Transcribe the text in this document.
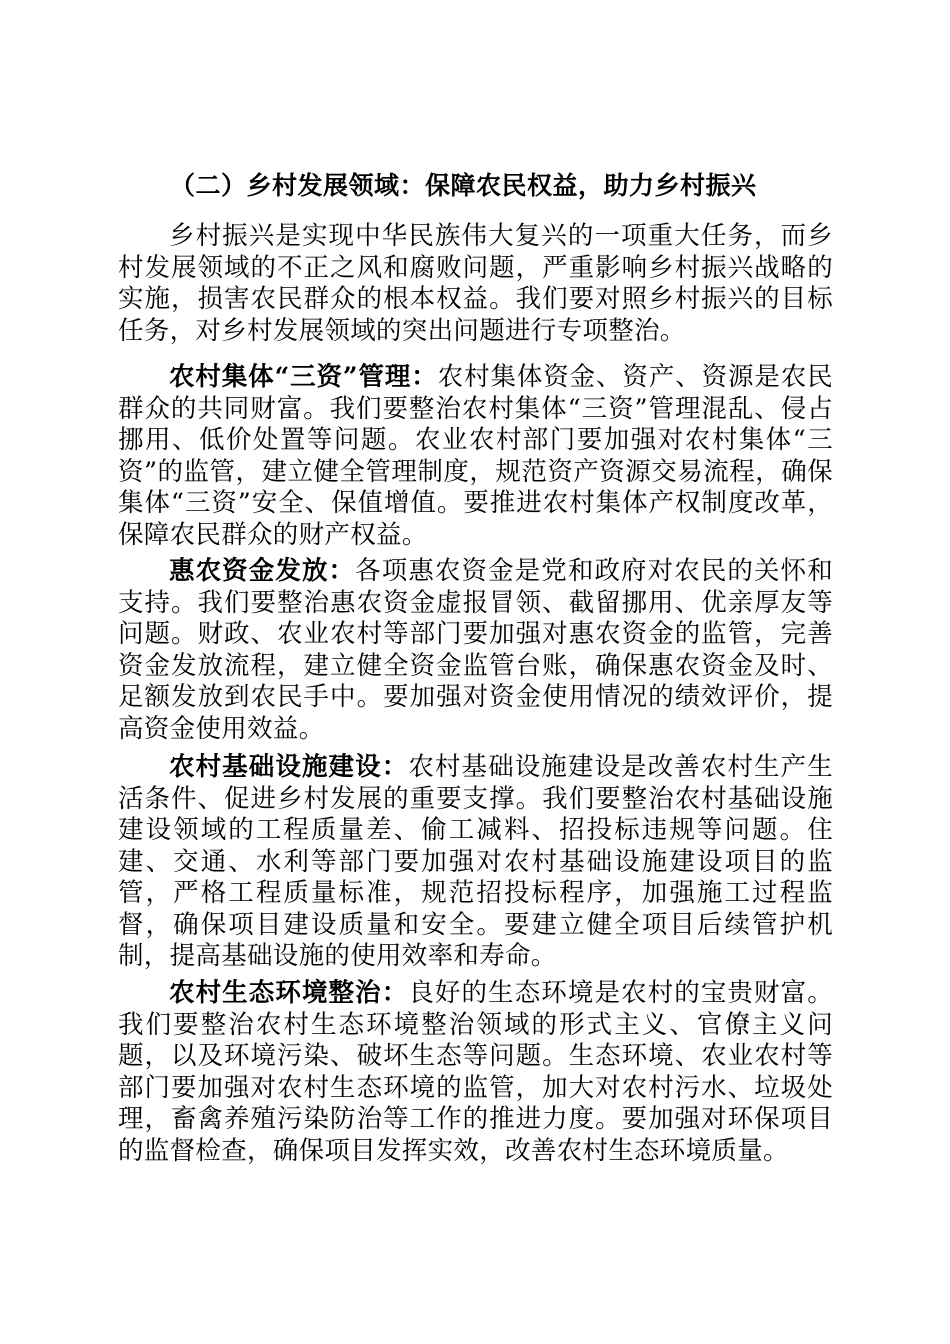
（二）乡村发展领域：保障农民权益，助力乡村振兴

乡村振兴是实现中华民族伟大复兴的一项重大任务，而乡村发展领域的不正之风和腐败问题，严重影响乡村振兴战略的实施，损害农民群众的根本权益。我们要对照乡村振兴的目标任务，对乡村发展领域的突出问题进行专项整治。

农村集体“三资”管理：农村集体资金、资产、资源是农民群众的共同财富。我们要整治农村集体“三资”管理混乱、侵占挪用、低价处置等问题。农业农村部门要加强对农村集体“三资”的监管，建立健全管理制度，规范资产资源交易流程，确保集体“三资”安全、保值增值。要推进农村集体产权制度改革，保障农民群众的财产权益。

惠农资金发放：各项惠农资金是党和政府对农民的关怀和支持。我们要整治惠农资金虚报冒领、截留挪用、优亲厚友等问题。财政、农业农村等部门要加强对惠农资金的监管，完善资金发放流程，建立健全资金监管台账，确保惠农资金及时、足额发放到农民手中。要加强对资金使用情况的绩效评价，提高资金使用效益。

农村基础设施建设：农村基础设施建设是改善农村生产生活条件、促进乡村发展的重要支撑。我们要整治农村基础设施建设领域的工程质量差、偷工减料、招投标违规等问题。住建、交通、水利等部门要加强对农村基础设施建设项目的监管，严格工程质量标准，规范招投标程序，加强施工过程监督，确保项目建设质量和安全。要建立健全项目后续管护机制，提高基础设施的使用效率和寿命。

农村生态环境整治：良好的生态环境是农村的宝贵财富。我们要整治农村生态环境整治领域的形式主义、官僚主义问题，以及环境污染、破坏生态等问题。生态环境、农业农村等部门要加强对农村生态环境的监管，加大对农村污水、垃圾处理，畜禽养殖污染防治等工作的推进力度。要加强对环保项目的监督检查，确保项目发挥实效，改善农村生态环境质量。
